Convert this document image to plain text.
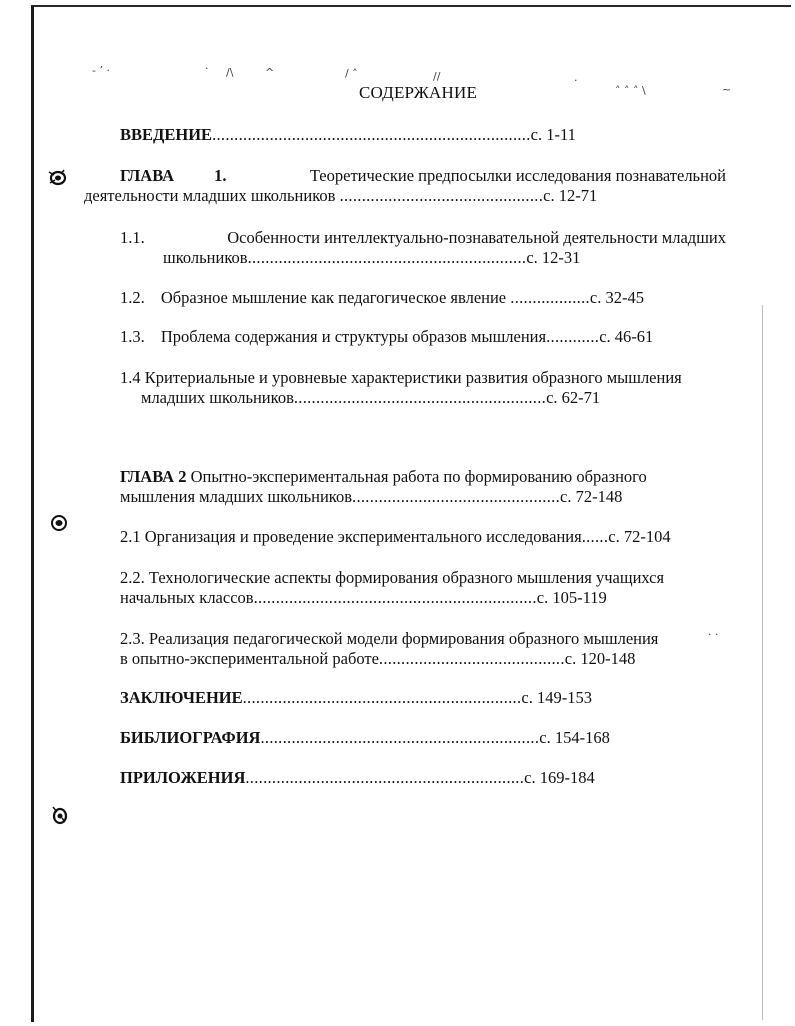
- ’ ·	· /\	^	/ ˄	//	·
˄ ˄ ˄ \	~
· ·
СОДЕРЖАНИЕ
ВВЕДЕНИЕ........................................................................с. 1-11
ГЛАВА 1.	Теоретические предпосылки исследования познавательной
деятельности младших школьников ..............................................с. 12-71
1.1.	Особенности интеллектуально-познавательной деятельности младших
школьников...............................................................с. 12-31
1.2. Образное мышление как педагогическое явление ..................с. 32-45
1.3. Проблема содержания и структуры образов мышления............с. 46-61
1.4 Критериальные и уровневые характеристики развития образного мышления
младших школьников.........................................................с. 62-71
ГЛАВА 2 Опытно-экспериментальная работа по формированию образного
мышления младших школьников...............................................с. 72-148
2.1 Организация и проведение экспериментального исследования......с. 72-104
2.2. Технологические аспекты формирования образного мышления учащихся
начальных классов................................................................с. 105-119
2.3. Реализация педагогической модели формирования образного мышления
в опытно-экспериментальной работе..........................................с. 120-148
ЗАКЛЮЧЕНИЕ...............................................................с. 149-153
БИБЛИОГРАФИЯ...............................................................с. 154-168
ПРИЛОЖЕНИЯ...............................................................с. 169-184
